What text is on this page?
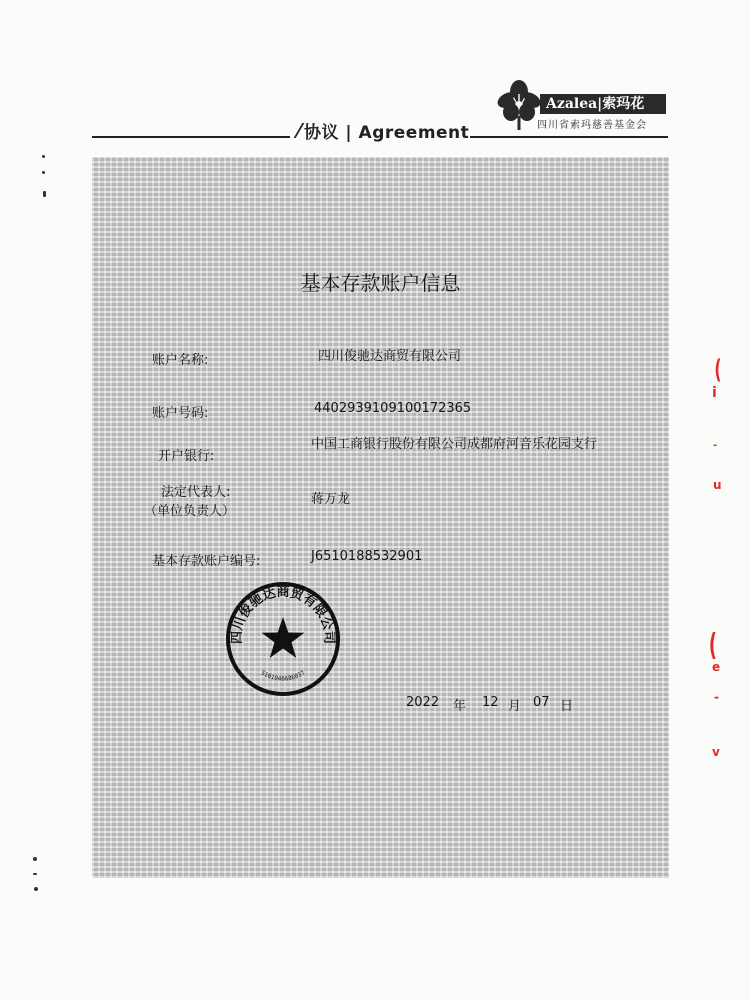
协议 | Agreement
Azalea|索玛花
四川省索玛慈善基金会
(
i
-
u
(
e
-
v
基本存款账户信息
账户名称:	四川俊驰达商贸有限公司
账户号码:	4402939109100172365
开户银行:
中国工商银行股份有限公司成都府河音乐花园支行
法定代表人:
（单位负责人）
蒋万龙
基本存款账户编号:	J6510188532901
四川俊驰达商贸有限公司
5101046686037
2022 年 12 月 07 日
